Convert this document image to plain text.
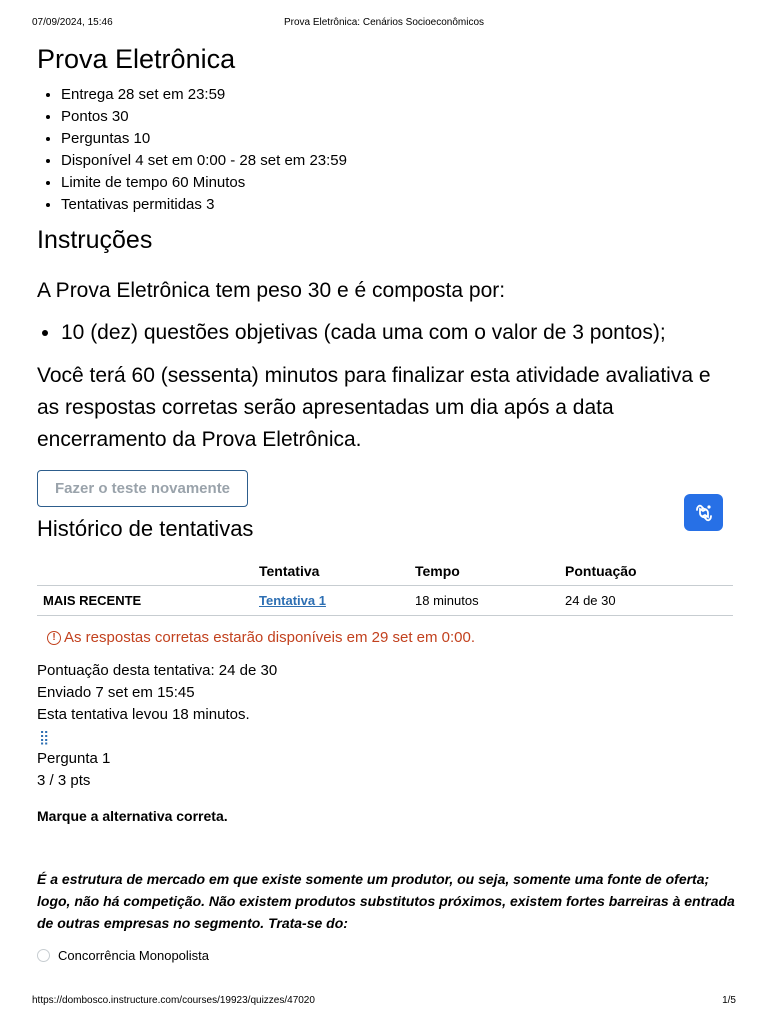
07/09/2024, 15:46	Prova Eletrônica: Cenários Socioeconômicos
Prova Eletrônica
• Entrega 28 set em 23:59
• Pontos 30
• Perguntas 10
• Disponível 4 set em 0:00 - 28 set em 23:59
• Limite de tempo 60 Minutos
• Tentativas permitidas 3
Instruções

A Prova Eletrônica tem peso 30 e é composta por:

• 10 (dez) questões objetivas (cada uma com o valor de 3 pontos);

Você terá 60 (sessenta) minutos para finalizar esta atividade avaliativa e as respostas corretas serão apresentadas um dia após a data encerramento da Prova Eletrônica.

Fazer o teste novamente
Histórico de tentativas
	Tentativa	Tempo	Pontuação
MAIS RECENTE	Tentativa 1	18 minutos	24 de 30
! As respostas corretas estarão disponíveis em 29 set em 0:00.
Pontuação desta tentativa: 24 de 30
Enviado 7 set em 15:45
Esta tentativa levou 18 minutos.
⣿
Pergunta 1
3 / 3 pts

Marque a alternativa correta.

É a estrutura de mercado em que existe somente um produtor, ou seja, somente uma fonte de oferta; logo, não há competição. Não existem produtos substitutos próximos, existem fortes barreiras à entrada de outras empresas no segmento. Trata-se do:

Concorrência Monopolista
https://dombosco.instructure.com/courses/19923/quizzes/47020	1/5
